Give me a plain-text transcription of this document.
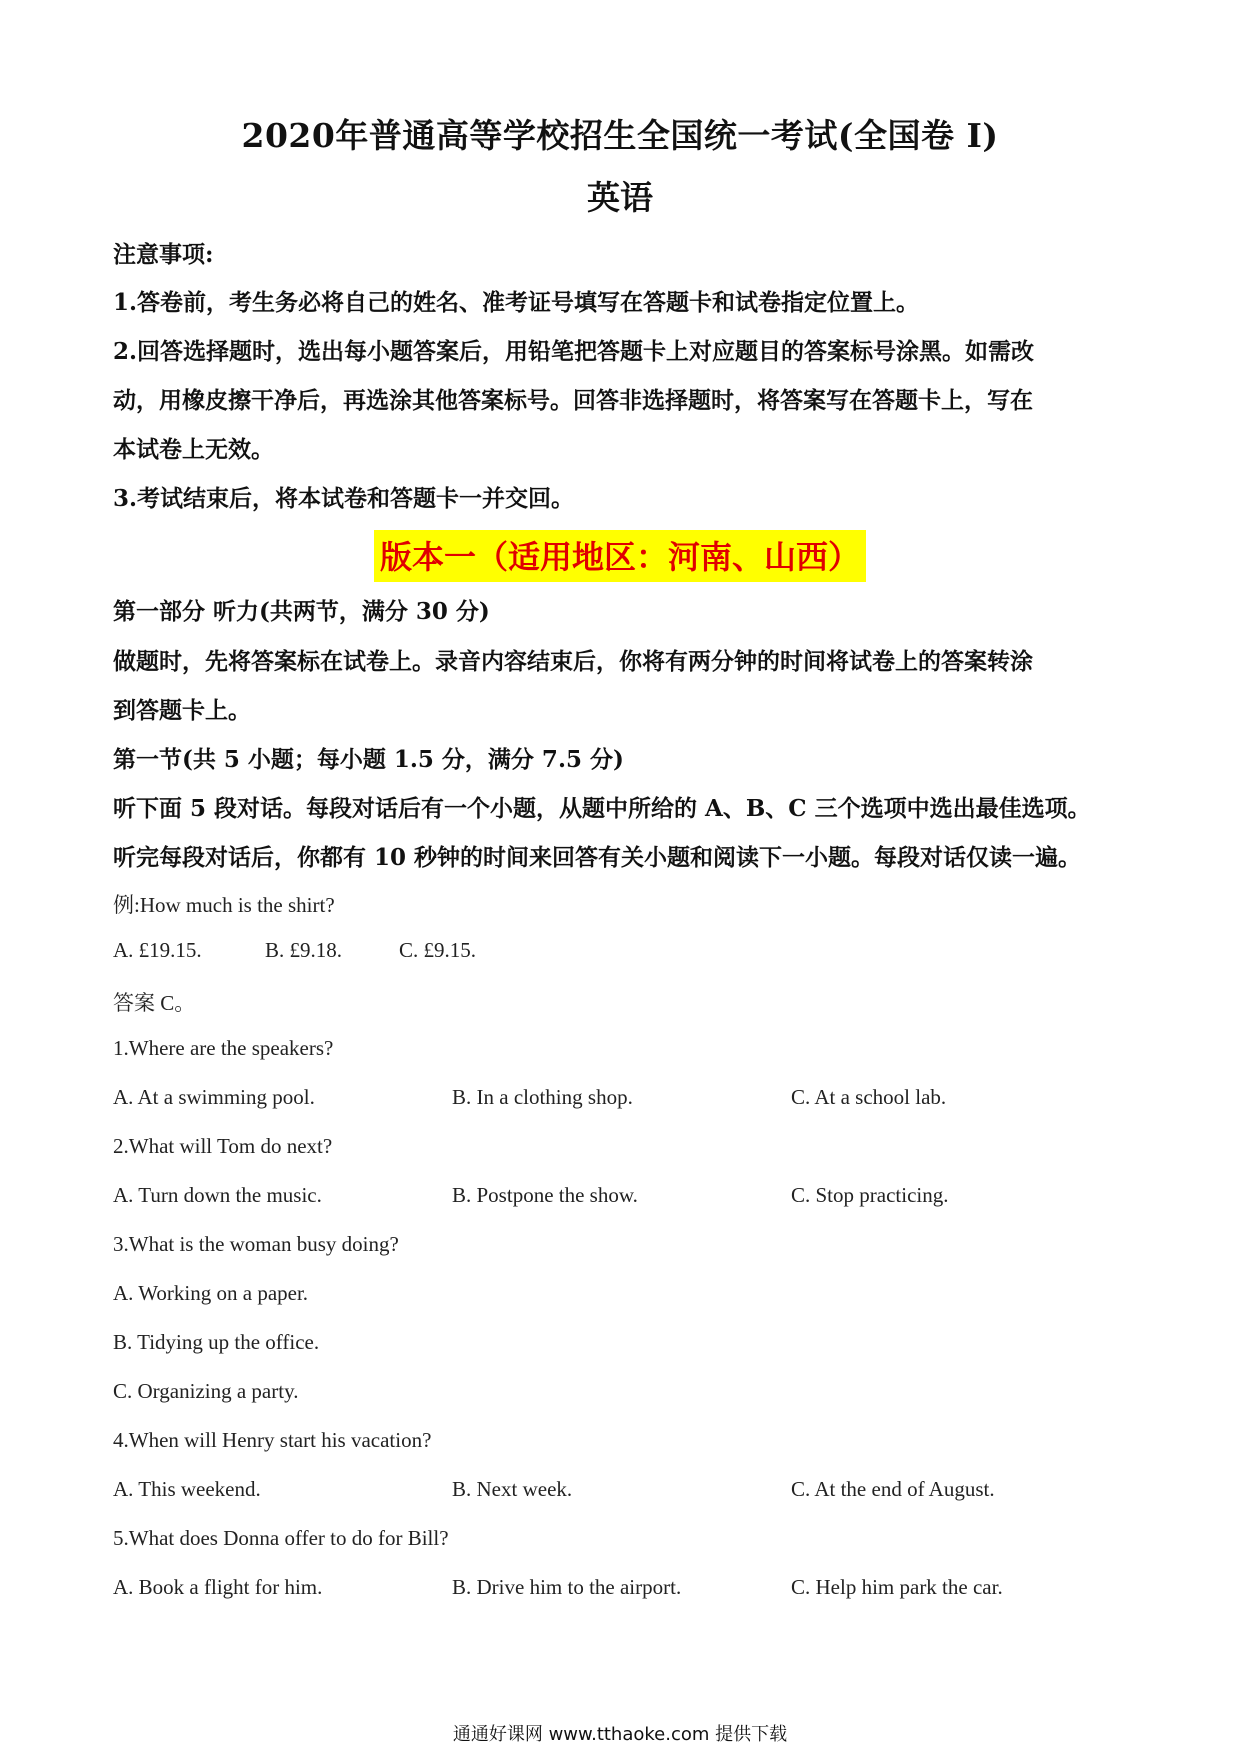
2020年普通高等学校招生全国统一考试(全国卷 I)
英语
注意事项:
1.答卷前，考生务必将自己的姓名、准考证号填写在答题卡和试卷指定位置上。
2.回答选择题时，选出每小题答案后，用铅笔把答题卡上对应题目的答案标号涂黑。如需改
动，用橡皮擦干净后，再选涂其他答案标号。回答非选择题时，将答案写在答题卡上，写在
本试卷上无效。
3.考试结束后，将本试卷和答题卡一并交回。
版本一（适用地区：河南、山西）
第一部分 听力(共两节，满分 30 分)
做题时，先将答案标在试卷上。录音内容结束后，你将有两分钟的时间将试卷上的答案转涂
到答题卡上。
第一节(共 5 小题；每小题 1.5 分，满分 7.5 分)
听下面 5 段对话。每段对话后有一个小题，从题中所给的 A、B、C 三个选项中选出最佳选项。
听完每段对话后，你都有 10 秒钟的时间来回答有关小题和阅读下一小题。每段对话仅读一遍。
例:How much is the shirt?
A. £19.15.	B. £9.18.	C. £9.15.
答案 C。
1.Where are the speakers?
A. At a swimming pool.	B. In a clothing shop.	C. At a school lab.
2.What will Tom do next?
A. Turn down the music.	B. Postpone the show.	C. Stop practicing.
3.What is the woman busy doing?
A. Working on a paper.
B. Tidying up the office.
C. Organizing a party.
4.When will Henry start his vacation?
A. This weekend.	B. Next week.	C. At the end of August.
5.What does Donna offer to do for Bill?
A. Book a flight for him.	B. Drive him to the airport.	C. Help him park the car.
通通好课网 www.tthaoke.com 提供下载
